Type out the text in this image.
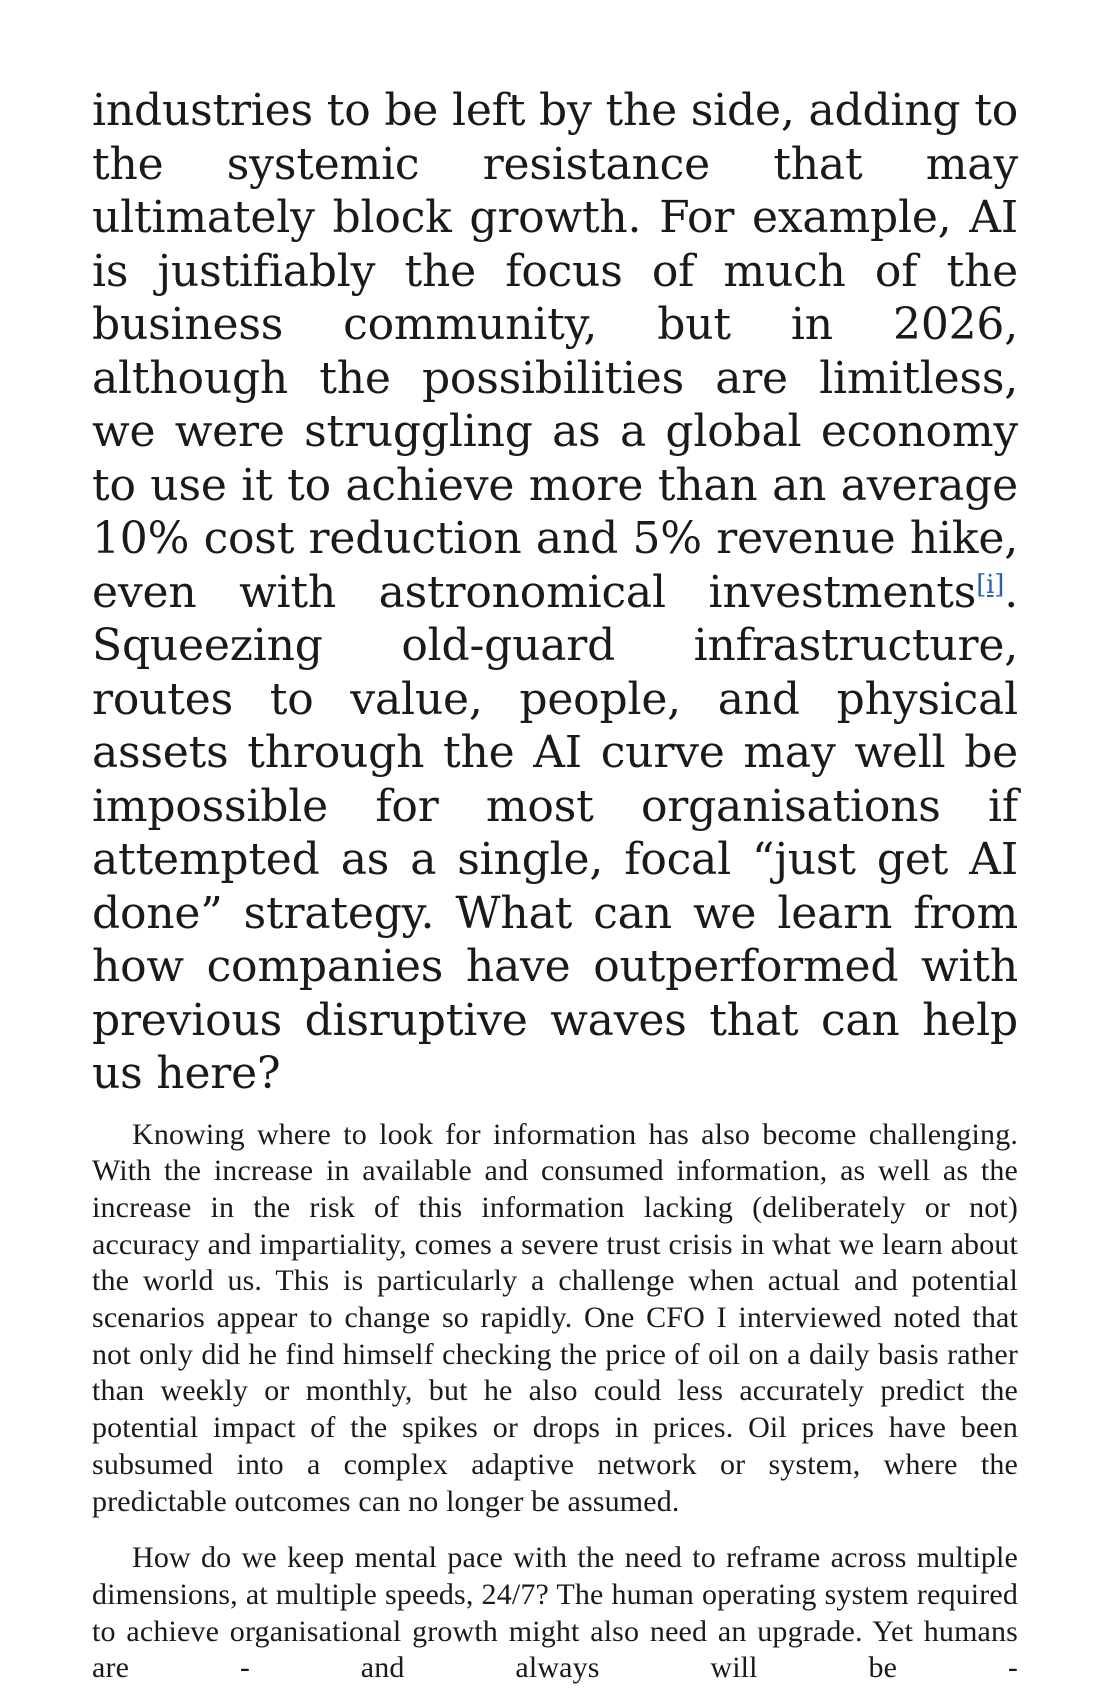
industries to be left by the side, adding to the systemic resistance that may ultimately block growth. For example, AI is justifiably the focus of much of the business community, but in 2026, although the possibilities are limitless, we were struggling as a global economy to use it to achieve more than an average 10% cost reduction and 5% revenue hike, even with astronomical investments[i]. Squeezing old-guard infrastructure, routes to value, people, and physical assets through the AI curve may well be impossible for most organisations if attempted as a single, focal “just get AI done” strategy. What can we learn from how companies have outperformed with previous disruptive waves that can help us here?

Knowing where to look for information has also become challenging. With the increase in available and consumed information, as well as the increase in the risk of this information lacking (deliberately or not) accuracy and impartiality, comes a severe trust crisis in what we learn about the world us. This is particularly a challenge when actual and potential scenarios appear to change so rapidly. One CFO I interviewed noted that not only did he find himself checking the price of oil on a daily basis rather than weekly or monthly, but he also could less accurately predict the potential impact of the spikes or drops in prices. Oil prices have been subsumed into a complex adaptive network or system, where the predictable outcomes can no longer be assumed.

How do we keep mental pace with the need to reframe across multiple dimensions, at multiple speeds, 24/7? The human operating system required to achieve organisational growth might also need an upgrade. Yet humans are - and always will be -
